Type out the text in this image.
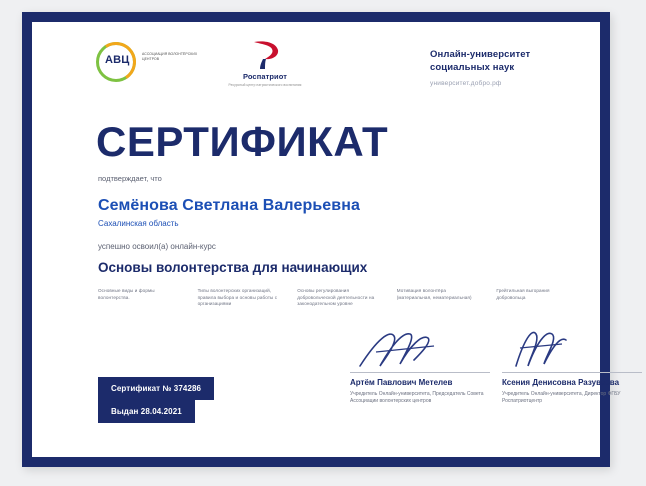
АВЦ	АССОЦИАЦИЯ ВОЛОНТЁРСКИХ ЦЕНТРОВ
Роспатриот
Ресурсный центр патриотического воспитания
Онлайн-университет социальных наук
университет.добро.рф
СЕРТИФИКАТ
подтверждает, что
Семёнова Светлана Валерьевна
Сахалинская область
успешно освоил(а) онлайн-курс
Основы волонтерства для начинающих
Основные виды и формы волонтерства.
Типы волонтерских организаций, правила выбора и основы работы с организациями
Основы регулирования добровольческой деятельности на законодательном уровне
Мотивация волонтёра (материальная, нематериальная)
Грейтильная выгорания добровольца
Артём Павлович Метелев
Учредитель Онлайн-университета, Председатель Совета Ассоциации волонтерских центров
Ксения Денисовна Разуваева
Учредитель Онлайн-университета, Директор ФГБУ Роспатриотцентр
Сертификат № 374286
Выдан 28.04.2021
